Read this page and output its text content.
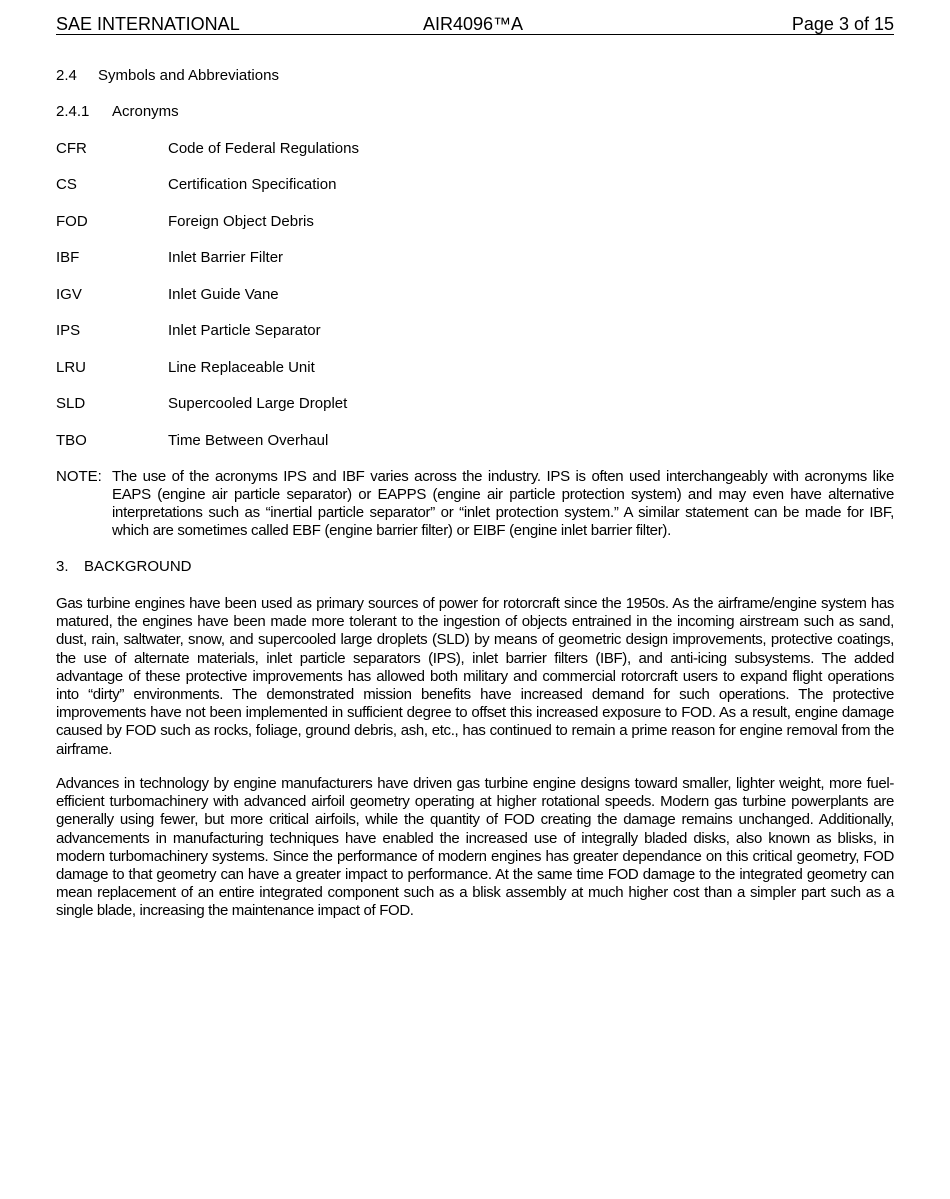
SAE INTERNATIONAL	AIR4096™A	Page 3 of 15
2.4 Symbols and Abbreviations
2.4.1 Acronyms
CFR	Code of Federal Regulations
CS	Certification Specification
FOD	Foreign Object Debris
IBF	Inlet Barrier Filter
IGV	Inlet Guide Vane
IPS	Inlet Particle Separator
LRU	Line Replaceable Unit
SLD	Supercooled Large Droplet
TBO	Time Between Overhaul
NOTE: The use of the acronyms IPS and IBF varies across the industry. IPS is often used interchangeably with acronyms like EAPS (engine air particle separator) or EAPPS (engine air particle protection system) and may even have alternative interpretations such as “inertial particle separator” or “inlet protection system.” A similar statement can be made for IBF, which are sometimes called EBF (engine barrier filter) or EIBF (engine inlet barrier filter).
3. BACKGROUND

Gas turbine engines have been used as primary sources of power for rotorcraft since the 1950s. As the airframe/engine system has matured, the engines have been made more tolerant to the ingestion of objects entrained in the incoming airstream such as sand, dust, rain, saltwater, snow, and supercooled large droplets (SLD) by means of geometric design improvements, protective coatings, the use of alternate materials, inlet particle separators (IPS), inlet barrier filters (IBF), and anti-icing subsystems. The added advantage of these protective improvements has allowed both military and commercial rotorcraft users to expand flight operations into “dirty” environments. The demonstrated mission benefits have increased demand for such operations. The protective improvements have not been implemented in sufficient degree to offset this increased exposure to FOD. As a result, engine damage caused by FOD such as rocks, foliage, ground debris, ash, etc., has continued to remain a prime reason for engine removal from the airframe.

Advances in technology by engine manufacturers have driven gas turbine engine designs toward smaller, lighter weight, more fuel-efficient turbomachinery with advanced airfoil geometry operating at higher rotational speeds. Modern gas turbine powerplants are generally using fewer, but more critical airfoils, while the quantity of FOD creating the damage remains unchanged. Additionally, advancements in manufacturing techniques have enabled the increased use of integrally bladed disks, also known as blisks, in modern turbomachinery systems. Since the performance of modern engines has greater dependance on this critical geometry, FOD damage to that geometry can have a greater impact to performance. At the same time FOD damage to the integrated geometry can mean replacement of an entire integrated component such as a blisk assembly at much higher cost than a simpler part such as a single blade, increasing the maintenance impact of FOD.
